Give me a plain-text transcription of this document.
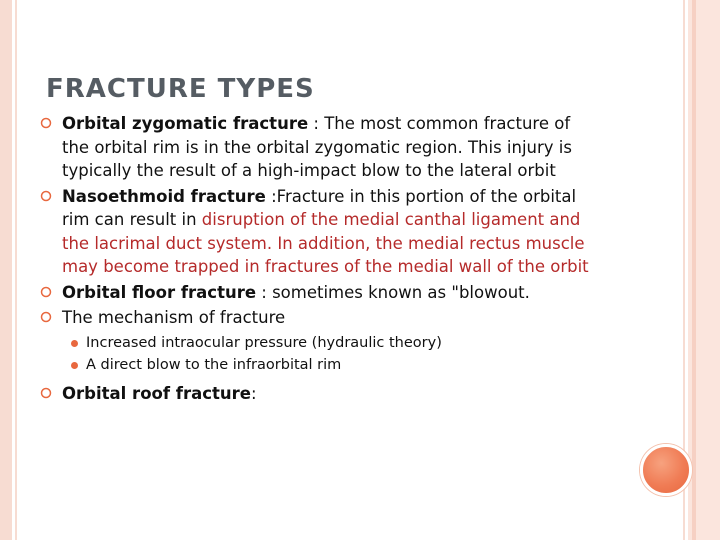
FRACTURE TYPES
Orbital zygomatic fracture : The most common fracture of the orbital rim is in the orbital zygomatic region. This injury is typically the result of a high-impact blow to the lateral orbit
Nasoethmoid fracture :Fracture in this portion of the orbital rim can result in disruption of the medial canthal ligament and the lacrimal duct system. In addition, the medial rectus muscle may become trapped in fractures of the medial wall of the orbit
Orbital floor fracture : sometimes known as "blowout.
The mechanism of fracture
Increased intraocular pressure (hydraulic theory)
A direct blow to the infraorbital rim
Orbital roof fracture:
